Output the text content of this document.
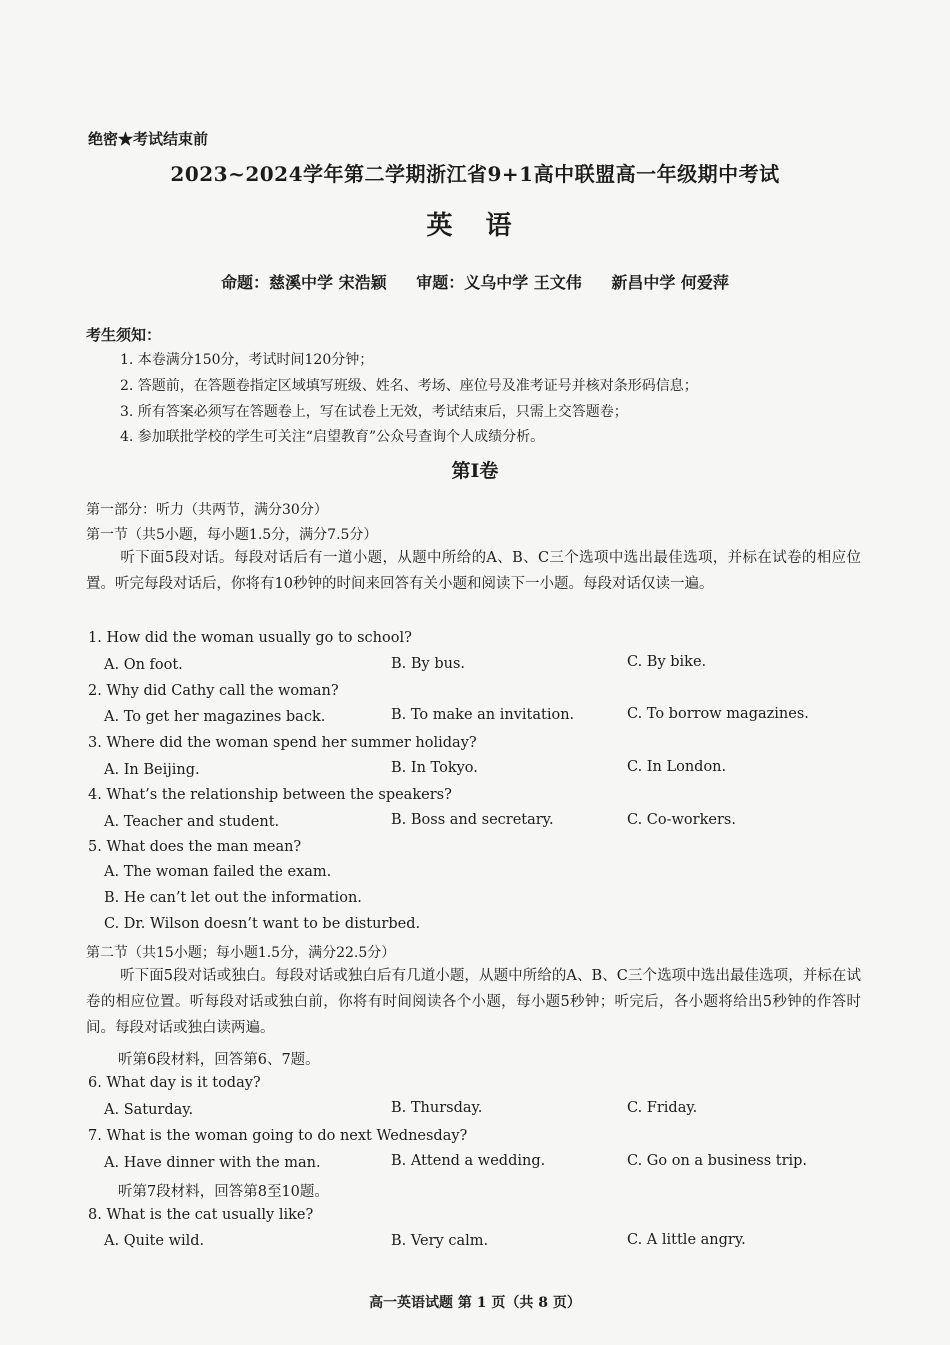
绝密★考试结束前
2023~2024学年第二学期浙江省9+1高中联盟高一年级期中考试
英 语
命题：慈溪中学 宋浩颖 审题：义乌中学 王文伟 新昌中学 何爱萍
考生须知：
1. 本卷满分150分，考试时间120分钟；
2. 答题前，在答题卷指定区域填写班级、姓名、考场、座位号及准考证号并核对条形码信息；
3. 所有答案必须写在答题卷上，写在试卷上无效，考试结束后，只需上交答题卷；
4. 参加联批学校的学生可关注“启望教育”公众号查询个人成绩分析。
第I卷
第一部分：听力（共两节，满分30分）
第一节（共5小题，每小题1.5分，满分7.5分）
听下面5段对话。每段对话后有一道小题，从题中所给的A、B、C三个选项中选出最佳选项，并标在试卷的相应位置。听完每段对话后，你将有10秒钟的时间来回答有关小题和阅读下一小题。每段对话仅读一遍。
1. How did the woman usually go to school?
A. On foot.	B. By bus.	C. By bike.
2. Why did Cathy call the woman?
A. To get her magazines back.	B. To make an invitation.	C. To borrow magazines.
3. Where did the woman spend her summer holiday?
A. In Beijing.	B. In Tokyo.	C. In London.
4. What’s the relationship between the speakers?
A. Teacher and student.	B. Boss and secretary.	C. Co-workers.
5. What does the man mean?
A. The woman failed the exam.
B. He can’t let out the information.
C. Dr. Wilson doesn’t want to be disturbed.
第二节（共15小题；每小题1.5分，满分22.5分）
听下面5段对话或独白。每段对话或独白后有几道小题，从题中所给的A、B、C三个选项中选出最佳选项，并标在试卷的相应位置。听每段对话或独白前，你将有时间阅读各个小题，每小题5秒钟；听完后，各小题将给出5秒钟的作答时间。每段对话或独白读两遍。
听第6段材料，回答第6、7题。
6. What day is it today?
A. Saturday.	B. Thursday.	C. Friday.
7. What is the woman going to do next Wednesday?
A. Have dinner with the man.	B. Attend a wedding.	C. Go on a business trip.
听第7段材料，回答第8至10题。
8. What is the cat usually like?
A. Quite wild.	B. Very calm.	C. A little angry.
高一英语试题 第 1 页（共 8 页）
